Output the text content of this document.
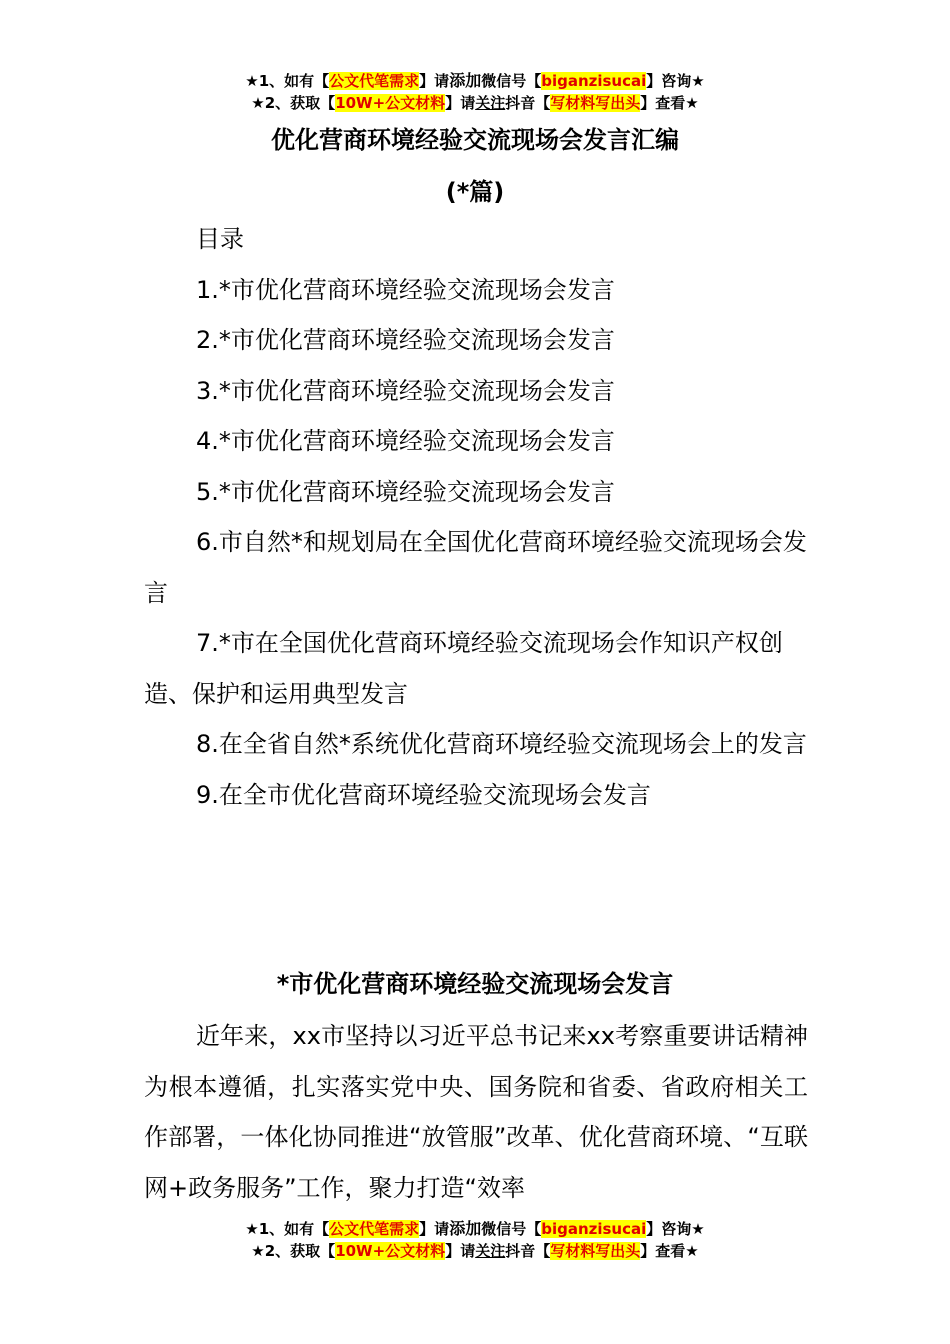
★1、如有【公文代笔需求】请添加微信号【biganzisucai】咨询★
★2、获取【10W+公文材料】请关注抖音【写材料写出头】查看★
优化营商环境经验交流现场会发言汇编
(*篇)

目录

1.*市优化营商环境经验交流现场会发言

2.*市优化营商环境经验交流现场会发言

3.*市优化营商环境经验交流现场会发言

4.*市优化营商环境经验交流现场会发言

5.*市优化营商环境经验交流现场会发言

6.市自然*和规划局在全国优化营商环境经验交流现场会发言

7.*市在全国优化营商环境经验交流现场会作知识产权创造、保护和运用典型发言

8.在全省自然*系统优化营商环境经验交流现场会上的发言

9.在全市优化营商环境经验交流现场会发言

*市优化营商环境经验交流现场会发言

近年来，xx市坚持以习近平总书记来xx考察重要讲话精神为根本遵循，扎实落实党中央、国务院和省委、省政府相关工作部署，一体化协同推进“放管服”改革、优化营商环境、“互联网+政务服务”工作，聚力打造“效率

★1、如有【公文代笔需求】请添加微信号【biganzisucai】咨询★
★2、获取【10W+公文材料】请关注抖音【写材料写出头】查看★
